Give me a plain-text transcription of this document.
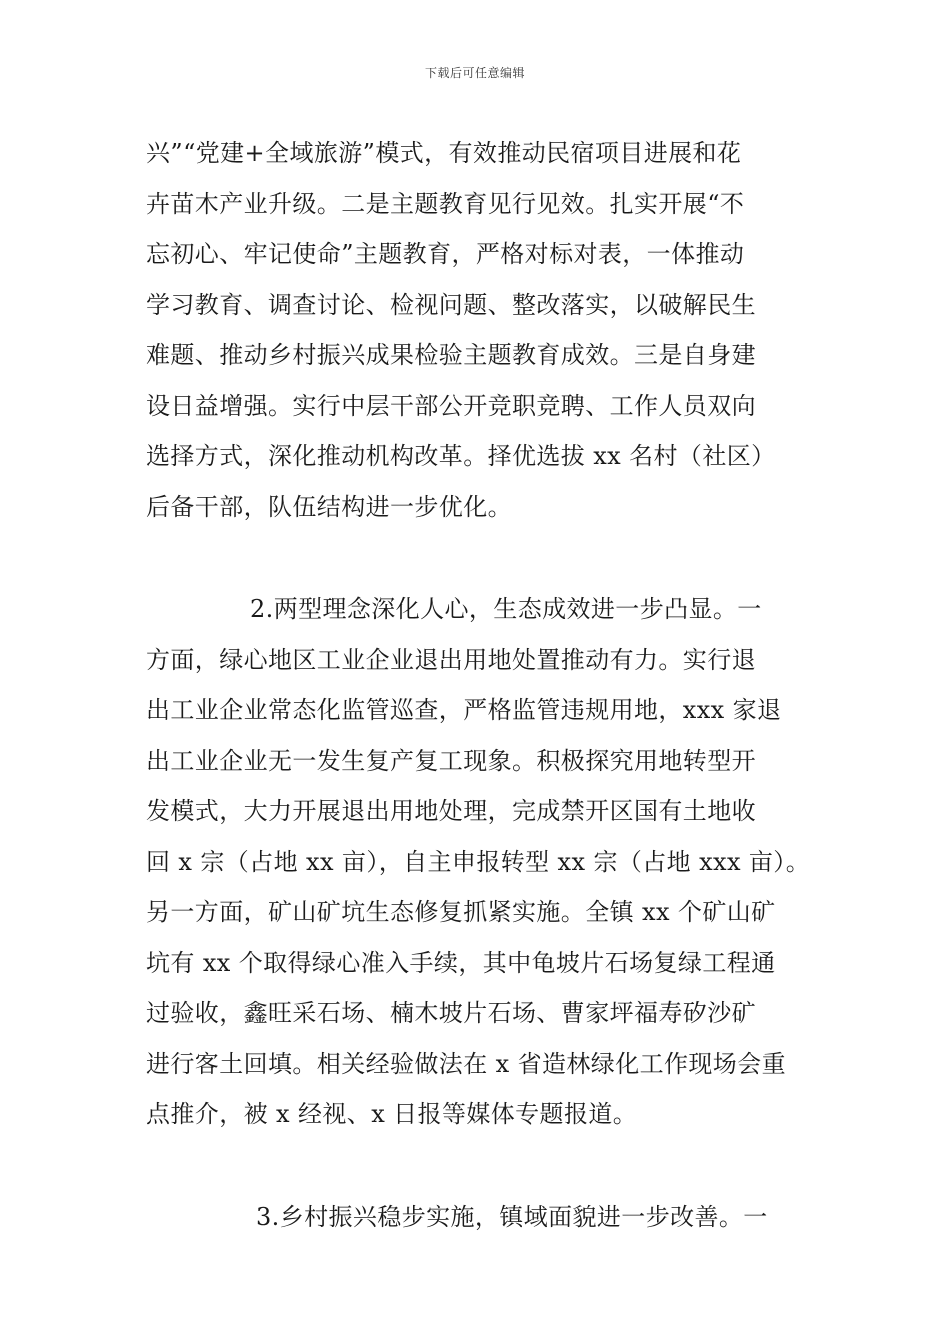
下载后可任意编辑
兴”“党建+全域旅游”模式，有效推动民宿项目进展和花
卉苗木产业升级。二是主题教育见行见效。扎实开展“不
忘初心、牢记使命”主题教育，严格对标对表，一体推动
学习教育、调查讨论、检视问题、整改落实，以破解民生
难题、推动乡村振兴成果检验主题教育成效。三是自身建
设日益增强。实行中层干部公开竞职竞聘、工作人员双向
选择方式，深化推动机构改革。择优选拔 xx 名村（社区）
后备干部，队伍结构进一步优化。
2.两型理念深化人心，生态成效进一步凸显。一
方面，绿心地区工业企业退出用地处置推动有力。实行退
出工业企业常态化监管巡查，严格监管违规用地，xxx 家退
出工业企业无一发生复产复工现象。积极探究用地转型开
发模式，大力开展退出用地处理，完成禁开区国有土地收
回 x 宗（占地 xx 亩），自主申报转型 xx 宗（占地 xxx 亩）。
另一方面，矿山矿坑生态修复抓紧实施。全镇 xx 个矿山矿
坑有 xx 个取得绿心准入手续，其中龟坡片石场复绿工程通
过验收，鑫旺采石场、楠木坡片石场、曹家坪福寿矽沙矿
进行客土回填。相关经验做法在 x 省造林绿化工作现场会重
点推介，被 x 经视、x 日报等媒体专题报道。
3.乡村振兴稳步实施，镇域面貌进一步改善。一
